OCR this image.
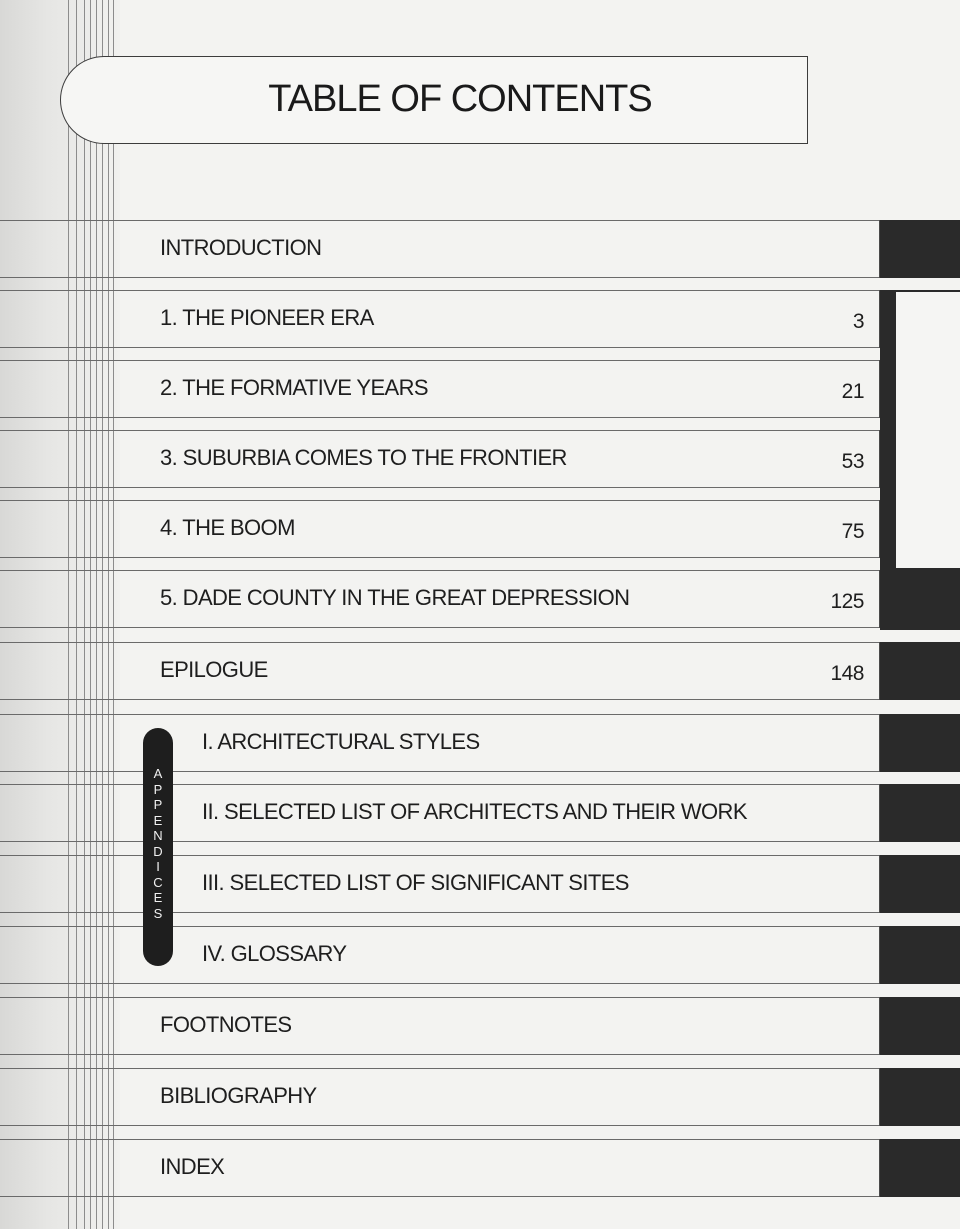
TABLE OF CONTENTS
INTRODUCTION
1. THE PIONEER ERA	3
2. THE FORMATIVE YEARS	21
3. SUBURBIA COMES TO THE FRONTIER	53
4. THE BOOM	75
5. DADE COUNTY IN THE GREAT DEPRESSION	125
EPILOGUE	148
I. ARCHITECTURAL STYLES
II. SELECTED LIST OF ARCHITECTS AND THEIR WORK
III. SELECTED LIST OF SIGNIFICANT SITES
IV. GLOSSARY
FOOTNOTES
BIBLIOGRAPHY
INDEX
A
P
P
E
N
D
I
C
E
S
